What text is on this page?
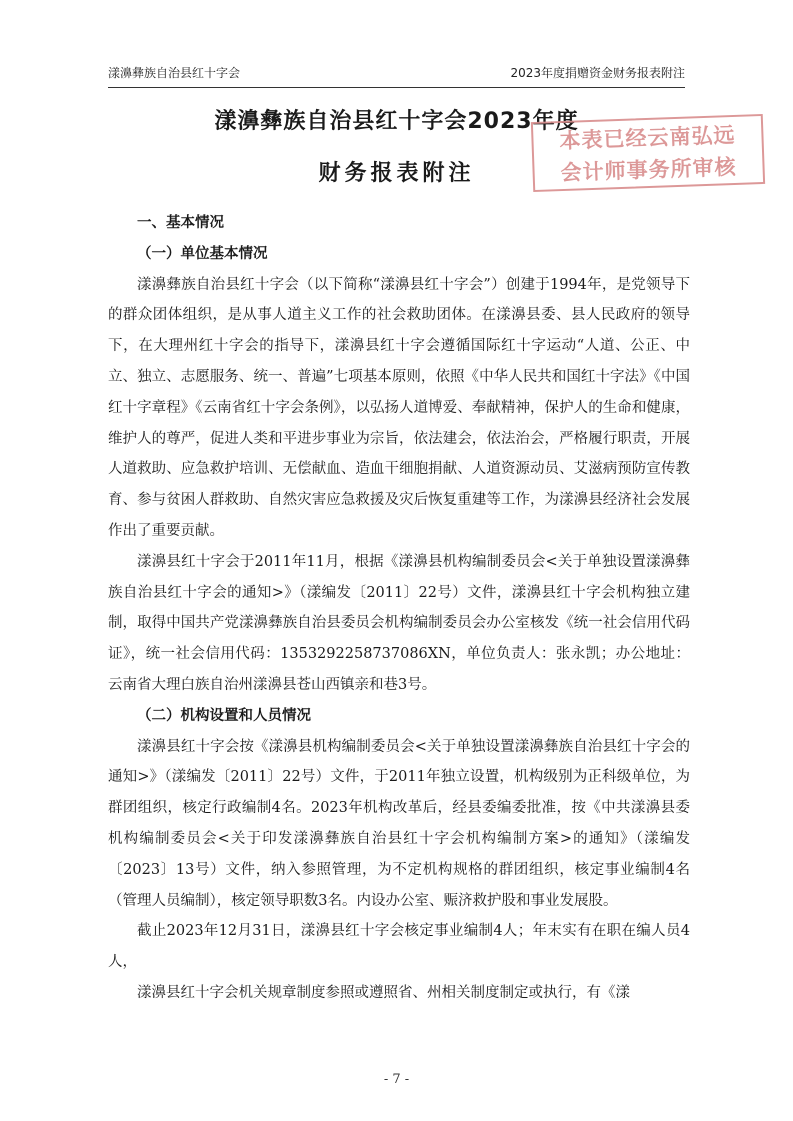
漾濞彝族自治县红十字会	2023年度捐赠资金财务报表附注
漾濞彝族自治县红十字会2023年度
财务报表附注
本表已经云南弘远
会计师事务所审核
一、基本情况
（一）单位基本情况

漾濞彝族自治县红十字会（以下简称“漾濞县红十字会”）创建于1994年，是党领导下的群众团体组织，是从事人道主义工作的社会救助团体。在漾濞县委、县人民政府的领导下，在大理州红十字会的指导下，漾濞县红十字会遵循国际红十字运动“人道、公正、中立、独立、志愿服务、统一、普遍”七项基本原则，依照《中华人民共和国红十字法》《中国红十字章程》《云南省红十字会条例》，以弘扬人道博爱、奉献精神，保护人的生命和健康，维护人的尊严，促进人类和平进步事业为宗旨，依法建会，依法治会，严格履行职责，开展人道救助、应急救护培训、无偿献血、造血干细胞捐献、人道资源动员、艾滋病预防宣传教育、参与贫困人群救助、自然灾害应急救援及灾后恢复重建等工作，为漾濞县经济社会发展作出了重要贡献。

漾濞县红十字会于2011年11月，根据《漾濞县机构编制委员会<关于单独设置漾濞彝族自治县红十字会的通知>》（漾编发〔2011〕22号）文件，漾濞县红十字会机构独立建制，取得中国共产党漾濞彝族自治县委员会机构编制委员会办公室核发《统一社会信用代码证》，统一社会信用代码：1353292258737086XN，单位负责人：张永凯；办公地址：云南省大理白族自治州漾濞县苍山西镇亲和巷3号。

（二）机构设置和人员情况

漾濞县红十字会按《漾濞县机构编制委员会<关于单独设置漾濞彝族自治县红十字会的通知>》（漾编发〔2011〕22号）文件，于2011年独立设置，机构级别为正科级单位，为群团组织，核定行政编制4名。2023年机构改革后，经县委编委批准，按《中共漾濞县委机构编制委员会<关于印发漾濞彝族自治县红十字会机构编制方案>的通知》（漾编发〔2023〕13号）文件，纳入参照管理，为不定机构规格的群团组织，核定事业编制4名（管理人员编制），核定领导职数3名。内设办公室、赈济救护股和事业发展股。

截止2023年12月31日，漾濞县红十字会核定事业编制4人；年末实有在职在编人员4人，

漾濞县红十字会机关规章制度参照或遵照省、州相关制度制定或执行，有《漾

- 7 -
